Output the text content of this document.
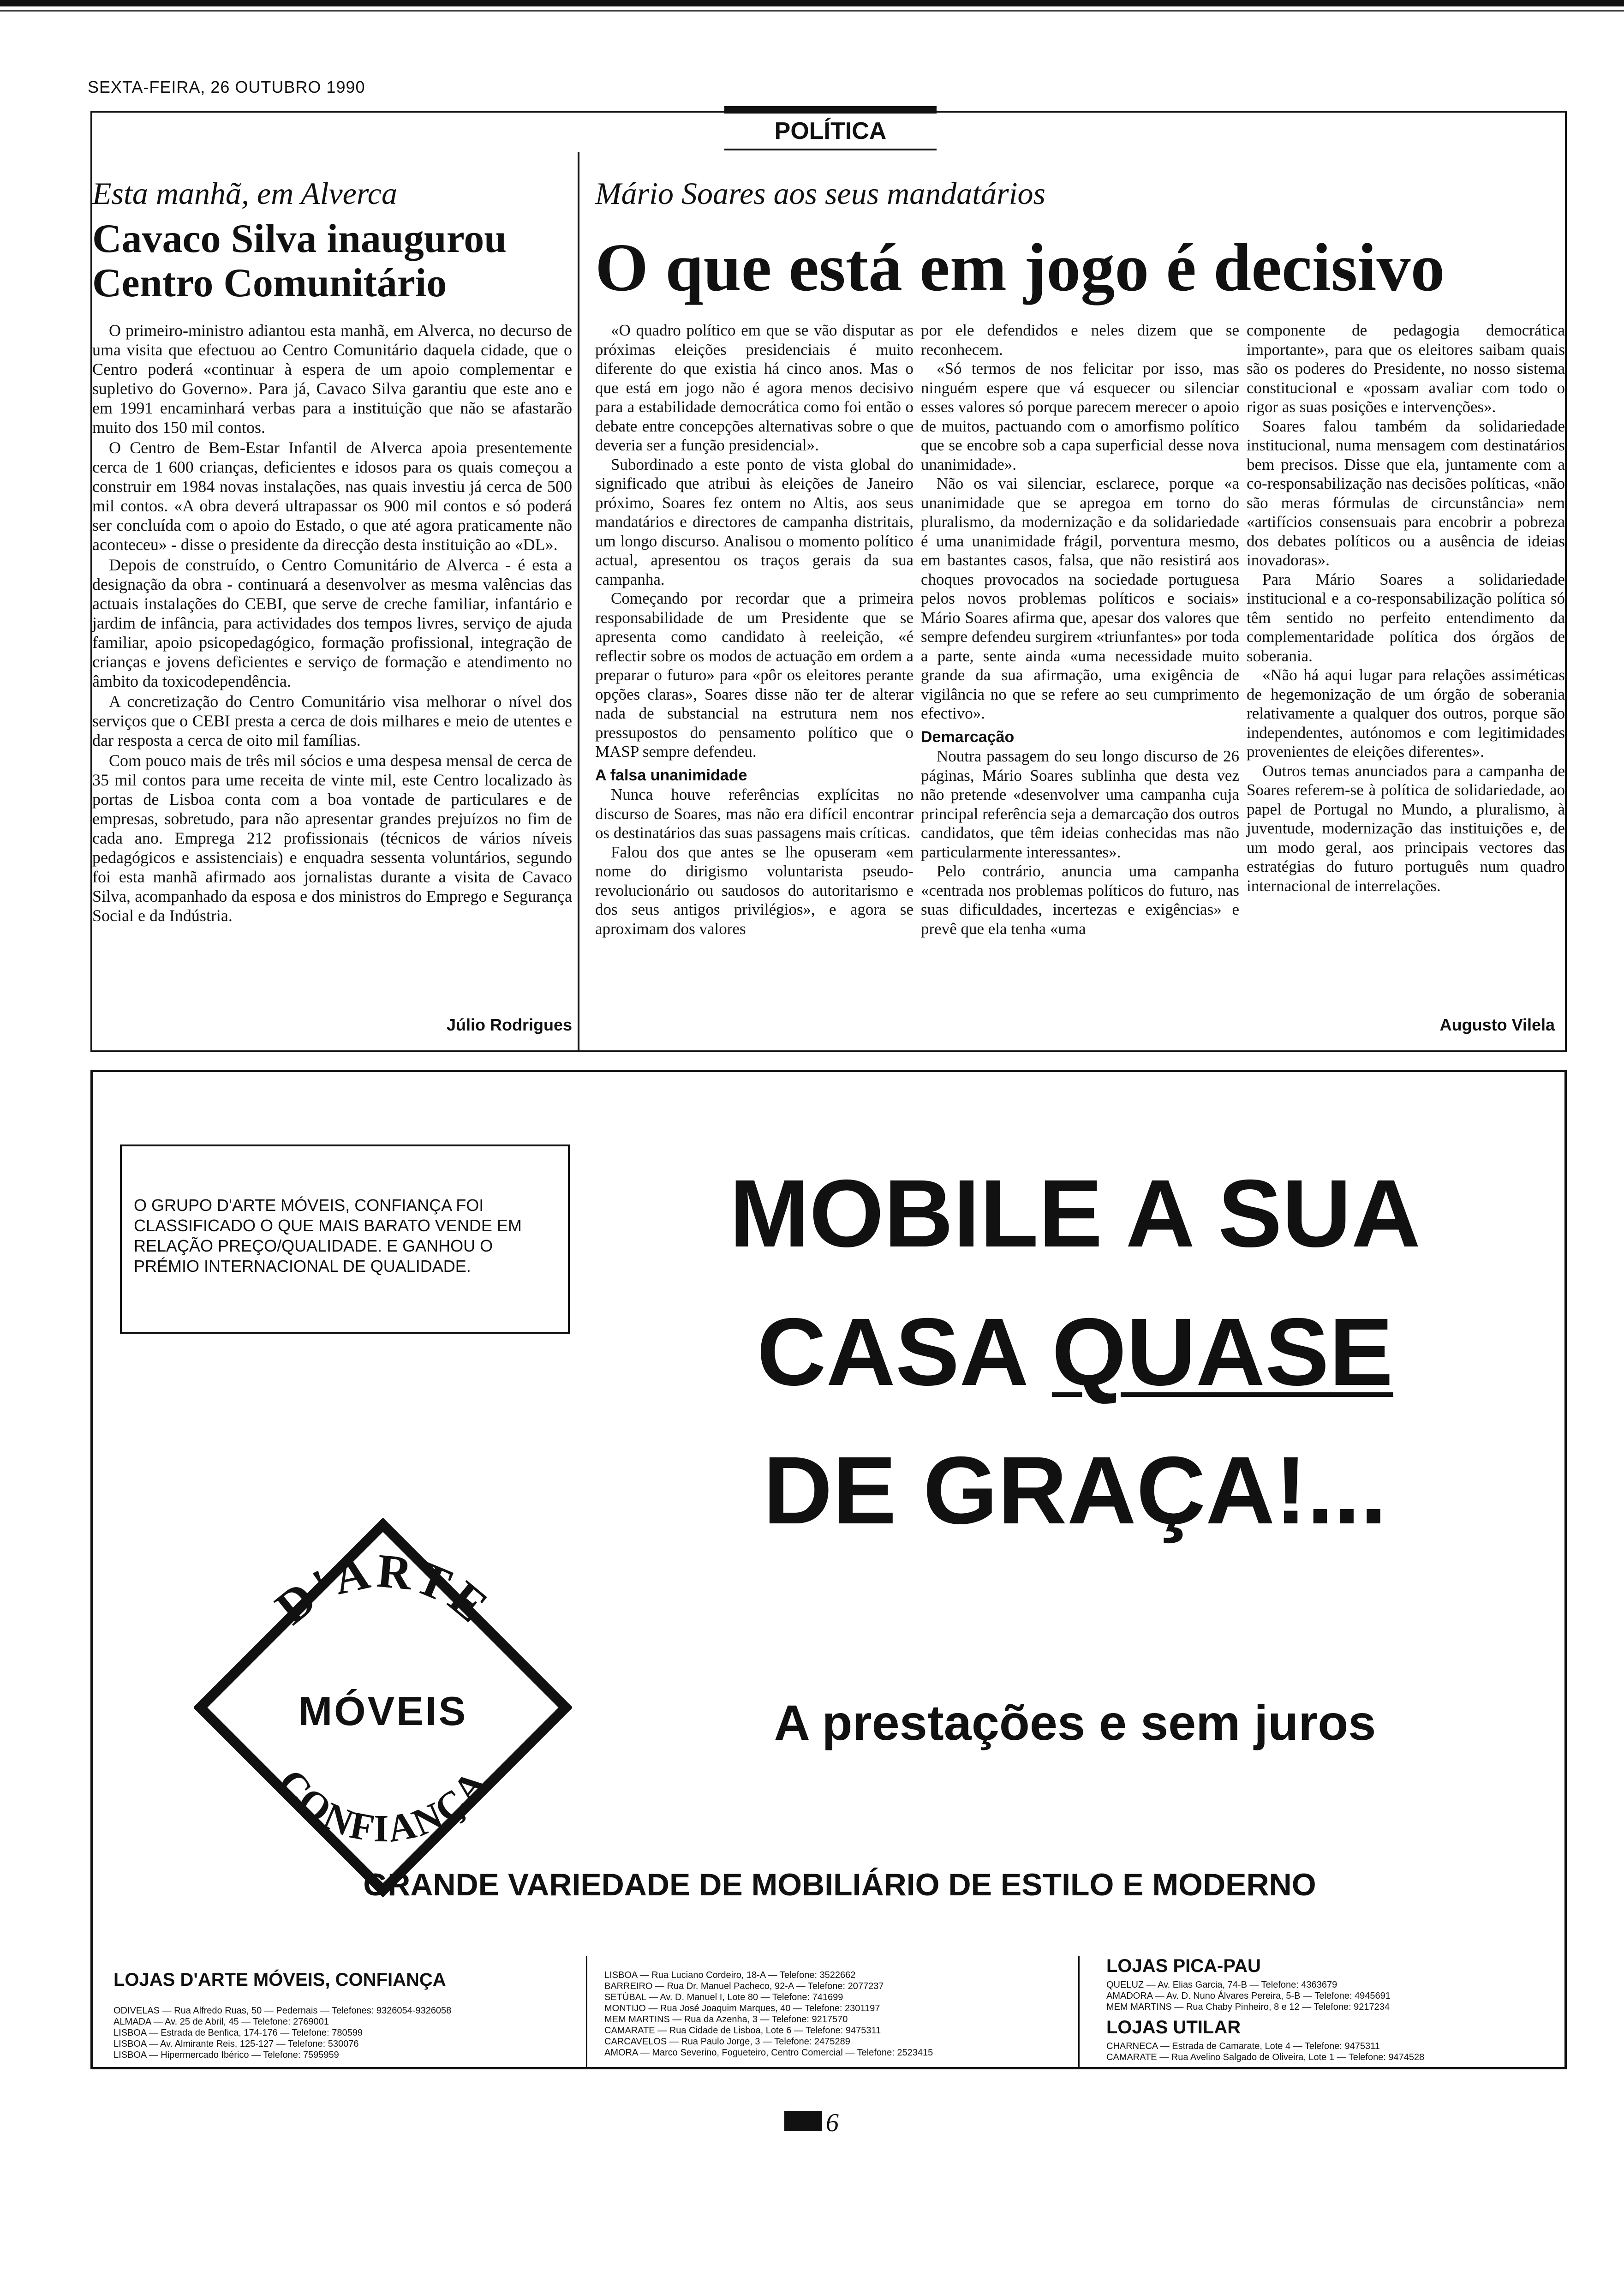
SEXTA-FEIRA, 26 OUTUBRO 1990
POLÍTICA
Esta manhã, em Alverca
Cavaco Silva inaugurou Centro Comunitário

O primeiro-ministro adiantou esta manhã, em Alverca, no decurso de uma visita que efectuou ao Centro Comunitário daquela cidade, que o Centro poderá «continuar à espera de um apoio complementar e supletivo do Governo». Para já, Cavaco Silva garantiu que este ano e em 1991 encaminhará verbas para a instituição que não se afastarão muito dos 150 mil contos.

O Centro de Bem-Estar Infantil de Alverca apoia presentemente cerca de 1 600 crianças, deficientes e idosos para os quais começou a construir em 1984 novas instalações, nas quais investiu já cerca de 500 mil contos. «A obra deverá ultrapassar os 900 mil contos e só poderá ser concluída com o apoio do Estado, o que até agora praticamente não aconteceu» - disse o presidente da direcção desta instituição ao «DL».

Depois de construído, o Centro Comunitário de Alverca - é esta a designação da obra - continuará a desenvolver as mesma valências das actuais instalações do CEBI, que serve de creche familiar, infantário e jardim de infância, para actividades dos tempos livres, serviço de ajuda familiar, apoio psicopedagógico, formação profissional, integração de crianças e jovens deficientes e serviço de formação e atendimento no âmbito da toxicodependência.

A concretização do Centro Comunitário visa melhorar o nível dos serviços que o CEBI presta a cerca de dois milhares e meio de utentes e dar resposta a cerca de oito mil famílias.

Com pouco mais de três mil sócios e uma despesa mensal de cerca de 35 mil contos para ume receita de vinte mil, este Centro localizado às portas de Lisboa conta com a boa vontade de particulares e de empresas, sobretudo, para não apresentar grandes prejuízos no fim de cada ano. Emprega 212 profissionais (técnicos de vários níveis pedagógicos e assistenciais) e enquadra sessenta voluntários, segundo foi esta manhã afirmado aos jornalistas durante a visita de Cavaco Silva, acompanhado da esposa e dos ministros do Emprego e Segurança Social e da Indústria.

Júlio Rodrigues
Mário Soares aos seus mandatários
O que está em jogo é decisivo

«O quadro político em que se vão disputar as próximas eleições presidenciais é muito diferente do que existia há cinco anos. Mas o que está em jogo não é agora menos decisivo para a estabilidade democrática como foi então o debate entre concepções alternativas sobre o que deveria ser a função presidencial».

Subordinado a este ponto de vista global do significado que atribui às eleições de Janeiro próximo, Soares fez ontem no Altis, aos seus mandatários e directores de campanha distritais, um longo discurso. Analisou o momento político actual, apresentou os traços gerais da sua campanha.

Começando por recordar que a primeira responsabilidade de um Presidente que se apresenta como candidato à reeleição, «é reflectir sobre os modos de actuação em ordem a preparar o futuro» para «pôr os eleitores perante opções claras», Soares disse não ter de alterar nada de substancial na estrutura nem nos pressupostos do pensamento político que o MASP sempre defendeu.

A falsa unanimidade

Nunca houve referências explícitas no discurso de Soares, mas não era difícil encontrar os destinatários das suas passagens mais críticas.

Falou dos que antes se lhe opuseram «em nome do dirigismo voluntarista pseudo-revolucionário ou saudosos do autoritarismo e dos seus antigos privilégios», e agora se aproximam dos valores

por ele defendidos e neles dizem que se reconhecem.

«Só termos de nos felicitar por isso, mas ninguém espere que vá esquecer ou silenciar esses valores só porque parecem merecer o apoio de muitos, pactuando com o amorfismo político que se encobre sob a capa superficial desse nova unanimidade».

Não os vai silenciar, esclarece, porque «a unanimidade que se apregoa em torno do pluralismo, da modernização e da solidariedade é uma unanimidade frágil, porventura mesmo, em bastantes casos, falsa, que não resistirá aos choques provocados na sociedade portuguesa pelos novos problemas políticos e sociais» Mário Soares afirma que, apesar dos valores que sempre defendeu surgirem «triunfantes» por toda a parte, sente ainda «uma necessidade muito grande da sua afirmação, uma exigência de vigilância no que se refere ao seu cumprimento efectivo».

Demarcação

Noutra passagem do seu longo discurso de 26 páginas, Mário Soares sublinha que desta vez não pretende «desenvolver uma campanha cuja principal referência seja a demarcação dos outros candidatos, que têm ideias conhecidas mas não particularmente interessantes».

Pelo contrário, anuncia uma campanha «centrada nos problemas políticos do futuro, nas suas dificuldades, incertezas e exigências» e prevê que ela tenha «uma

componente de pedagogia democrática importante», para que os eleitores saibam quais são os poderes do Presidente, no nosso sistema constitucional e «possam avaliar com todo o rigor as suas posições e intervenções».

Soares falou também da solidariedade institucional, numa mensagem com destinatários bem precisos. Disse que ela, juntamente com a co-responsabilização nas decisões políticas, «não são meras fórmulas de circunstância» nem «artifícios consensuais para encobrir a pobreza dos debates políticos ou a ausência de ideias inovadoras».

Para Mário Soares a solidariedade institucional e a co-responsabilização política só têm sentido no perfeito entendimento da complementaridade política dos órgãos de soberania.

«Não há aqui lugar para relações assiméticas de hegemonização de um órgão de soberania relativamente a qualquer dos outros, porque são independentes, autónomos e com legitimidades provenientes de eleições diferentes».

Outros temas anunciados para a campanha de Soares referem-se à política de solidariedade, ao papel de Portugal no Mundo, a pluralismo, à juventude, modernização das instituições e, de um modo geral, aos principais vectores das estratégias do futuro português num quadro internacional de interrelações.

Augusto Vilela
O GRUPO D'ARTE MÓVEIS, CONFIANÇA FOI CLASSIFICADO O QUE MAIS BARATO VENDE EM RELAÇÃO PREÇO/QUALIDADE. E GANHOU O PRÉMIO INTERNACIONAL DE QUALIDADE.	MOBILE A SUA
CASA QUASE
DE GRAÇA!...
D'ARTE
MÓVEIS
CONFIANÇA
A prestações e sem juros
GRANDE VARIEDADE DE MOBILIÁRIO DE ESTILO E MODERNO
LOJAS D'ARTE MÓVEIS, CONFIANÇA
ODIVELAS — Rua Alfredo Ruas, 50 — Pedernais — Telefones: 9326054-9326058
ALMADA — Av. 25 de Abril, 45 — Telefone: 2769001
LISBOA — Estrada de Benfica, 174-176 — Telefone: 780599
LISBOA — Av. Almirante Reis, 125-127 — Telefone: 530076
LISBOA — Hipermercado Ibérico — Telefone: 7595959
LISBOA — Rua Luciano Cordeiro, 18-A — Telefone: 3522662
BARREIRO — Rua Dr. Manuel Pacheco, 92-A — Telefone: 2077237
SETÚBAL — Av. D. Manuel I, Lote 80 — Telefone: 741699
MONTIJO — Rua José Joaquim Marques, 40 — Telefone: 2301197
MEM MARTINS — Rua da Azenha, 3 — Telefone: 9217570
CAMARATE — Rua Cidade de Lisboa, Lote 6 — Telefone: 9475311
CARCAVELOS — Rua Paulo Jorge, 3 — Telefone: 2475289
AMORA — Marco Severino, Fogueteiro, Centro Comercial — Telefone: 2523415
LOJAS PICA-PAU
QUELUZ — Av. Elias Garcia, 74-B — Telefone: 4363679
AMADORA — Av. D. Nuno Álvares Pereira, 5-B — Telefone: 4945691
MEM MARTINS — Rua Chaby Pinheiro, 8 e 12 — Telefone: 9217234
LOJAS UTILAR
CHARNECA — Estrada de Camarate, Lote 4 — Telefone: 9475311
CAMARATE — Rua Avelino Salgado de Oliveira, Lote 1 — Telefone: 9474528
6
